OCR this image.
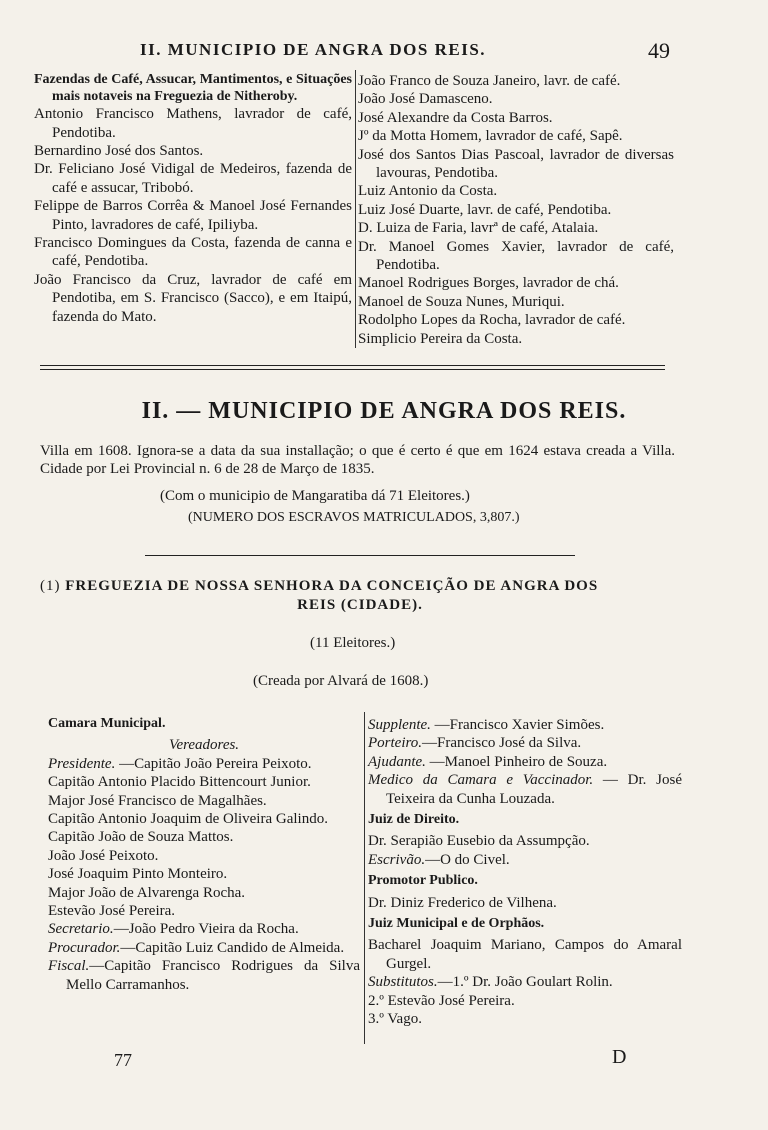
II. MUNICIPIO DE ANGRA DOS REIS.	49

Fazendas de Café, Assucar, Mantimentos, e Situações mais notaveis na Freguezia de Nitheroby.

Antonio Francisco Mathens, lavrador de café, Pendotiba.

Bernardino José dos Santos.

Dr. Feliciano José Vidigal de Medeiros, fazenda de café e assucar, Tribobó.

Felippe de Barros Corrêa & Manoel José Fernandes Pinto, lavradores de café, Ipiliyba.

Francisco Domingues da Costa, fazenda de canna e café, Pendotiba.

João Francisco da Cruz, lavrador de café em Pendotiba, em S. Francisco (Sacco), e em Itaipú, fazenda do Mato.

João Franco de Souza Janeiro, lavr. de café.

João José Damasceno.

José Alexandre da Costa Barros.

Jº da Motta Homem, lavrador de café, Sapê.

José dos Santos Dias Pascoal, lavrador de diversas lavouras, Pendotiba.

Luiz Antonio da Costa.

Luiz José Duarte, lavr. de café, Pendotiba.

D. Luiza de Faria, lavrª de café, Atalaia.

Dr. Manoel Gomes Xavier, lavrador de café, Pendotiba.

Manoel Rodrigues Borges, lavrador de chá.

Manoel de Souza Nunes, Muriqui.

Rodolpho Lopes da Rocha, lavrador de café.

Simplicio Pereira da Costa.

II. — MUNICIPIO DE ANGRA DOS REIS.

Villa em 1608. Ignora-se a data da sua installação; o que é certo é que em 1624 estava creada a Villa. Cidade por Lei Provincial n. 6 de 28 de Março de 1835.

(Com o municipio de Mangaratiba dá 71 Eleitores.)
(NUMERO DOS ESCRAVOS MATRICULADOS, 3,807.)
(1) FREGUEZIA DE NOSSA SENHORA DA CONCEIÇÃO DE ANGRA DOS
REIS (CIDADE).
(11 Eleitores.)
(Creada por Alvará de 1608.)

Camara Municipal.

Vereadores.

Presidente. —Capitão João Pereira Peixoto.

Capitão Antonio Placido Bittencourt Junior.

Major José Francisco de Magalhães.

Capitão Antonio Joaquim de Oliveira Galindo.

Capitão João de Souza Mattos.

João José Peixoto.

José Joaquim Pinto Monteiro.

Major João de Alvarenga Rocha.

Estevão José Pereira.

Secretario.—João Pedro Vieira da Rocha.

Procurador.—Capitão Luiz Candido de Almeida.

Fiscal.—Capitão Francisco Rodrigues da Silva Mello Carramanhos.

Supplente. —Francisco Xavier Simões.

Porteiro.—Francisco José da Silva.

Ajudante. —Manoel Pinheiro de Souza.

Medico da Camara e Vaccinador. — Dr. José Teixeira da Cunha Louzada.

Juiz de Direito.

Dr. Serapião Eusebio da Assumpção.

Escrivão.—O do Civel.

Promotor Publico.

Dr. Diniz Frederico de Vilhena.

Juiz Municipal e de Orphãos.

Bacharel Joaquim Mariano, Campos do Amaral Gurgel.

Substitutos.—1.º Dr. João Goulart Rolin.

2.º Estevão José Pereira.

3.º Vago.

77	D
